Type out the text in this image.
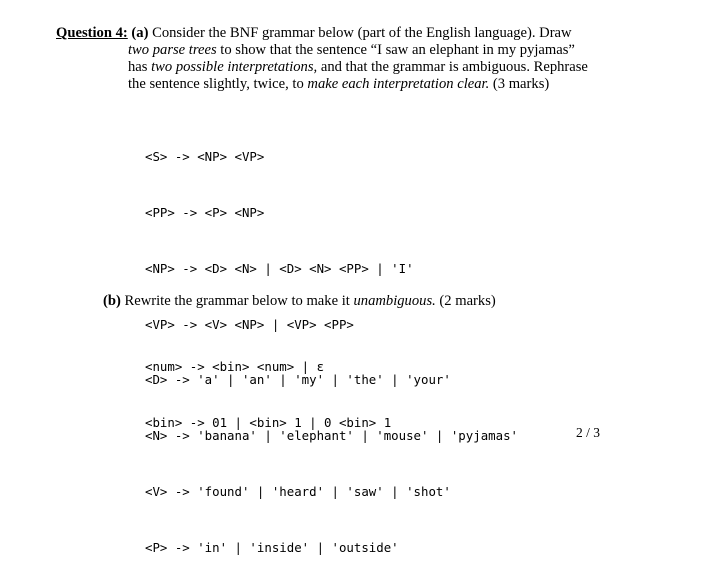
Question 4: (a) Consider the BNF grammar below (part of the English language). Draw
two parse trees to show that the sentence “I saw an elephant in my pyjamas”
has two possible interpretations, and that the grammar is ambiguous. Rephrase
the sentence slightly, twice, to make each interpretation clear. (3 marks)

<S> -> <NP> <VP>

<PP> -> <P> <NP>

<NP> -> <D> <N> | <D> <N> <PP> | 'I'

<VP> -> <V> <NP> | <VP> <PP>

<D> -> 'a' | 'an' | 'my' | 'the' | 'your'

<N> -> 'banana' | 'elephant' | 'mouse' | 'pyjamas'

<V> -> 'found' | 'heard' | 'saw' | 'shot'

<P> -> 'in' | 'inside' | 'outside'

(b) Rewrite the grammar below to make it unambiguous. (2 marks)

<num> -> <bin> <num> | ε

<bin> -> 01 | <bin> 1 | 0 <bin> 1

2 / 3
